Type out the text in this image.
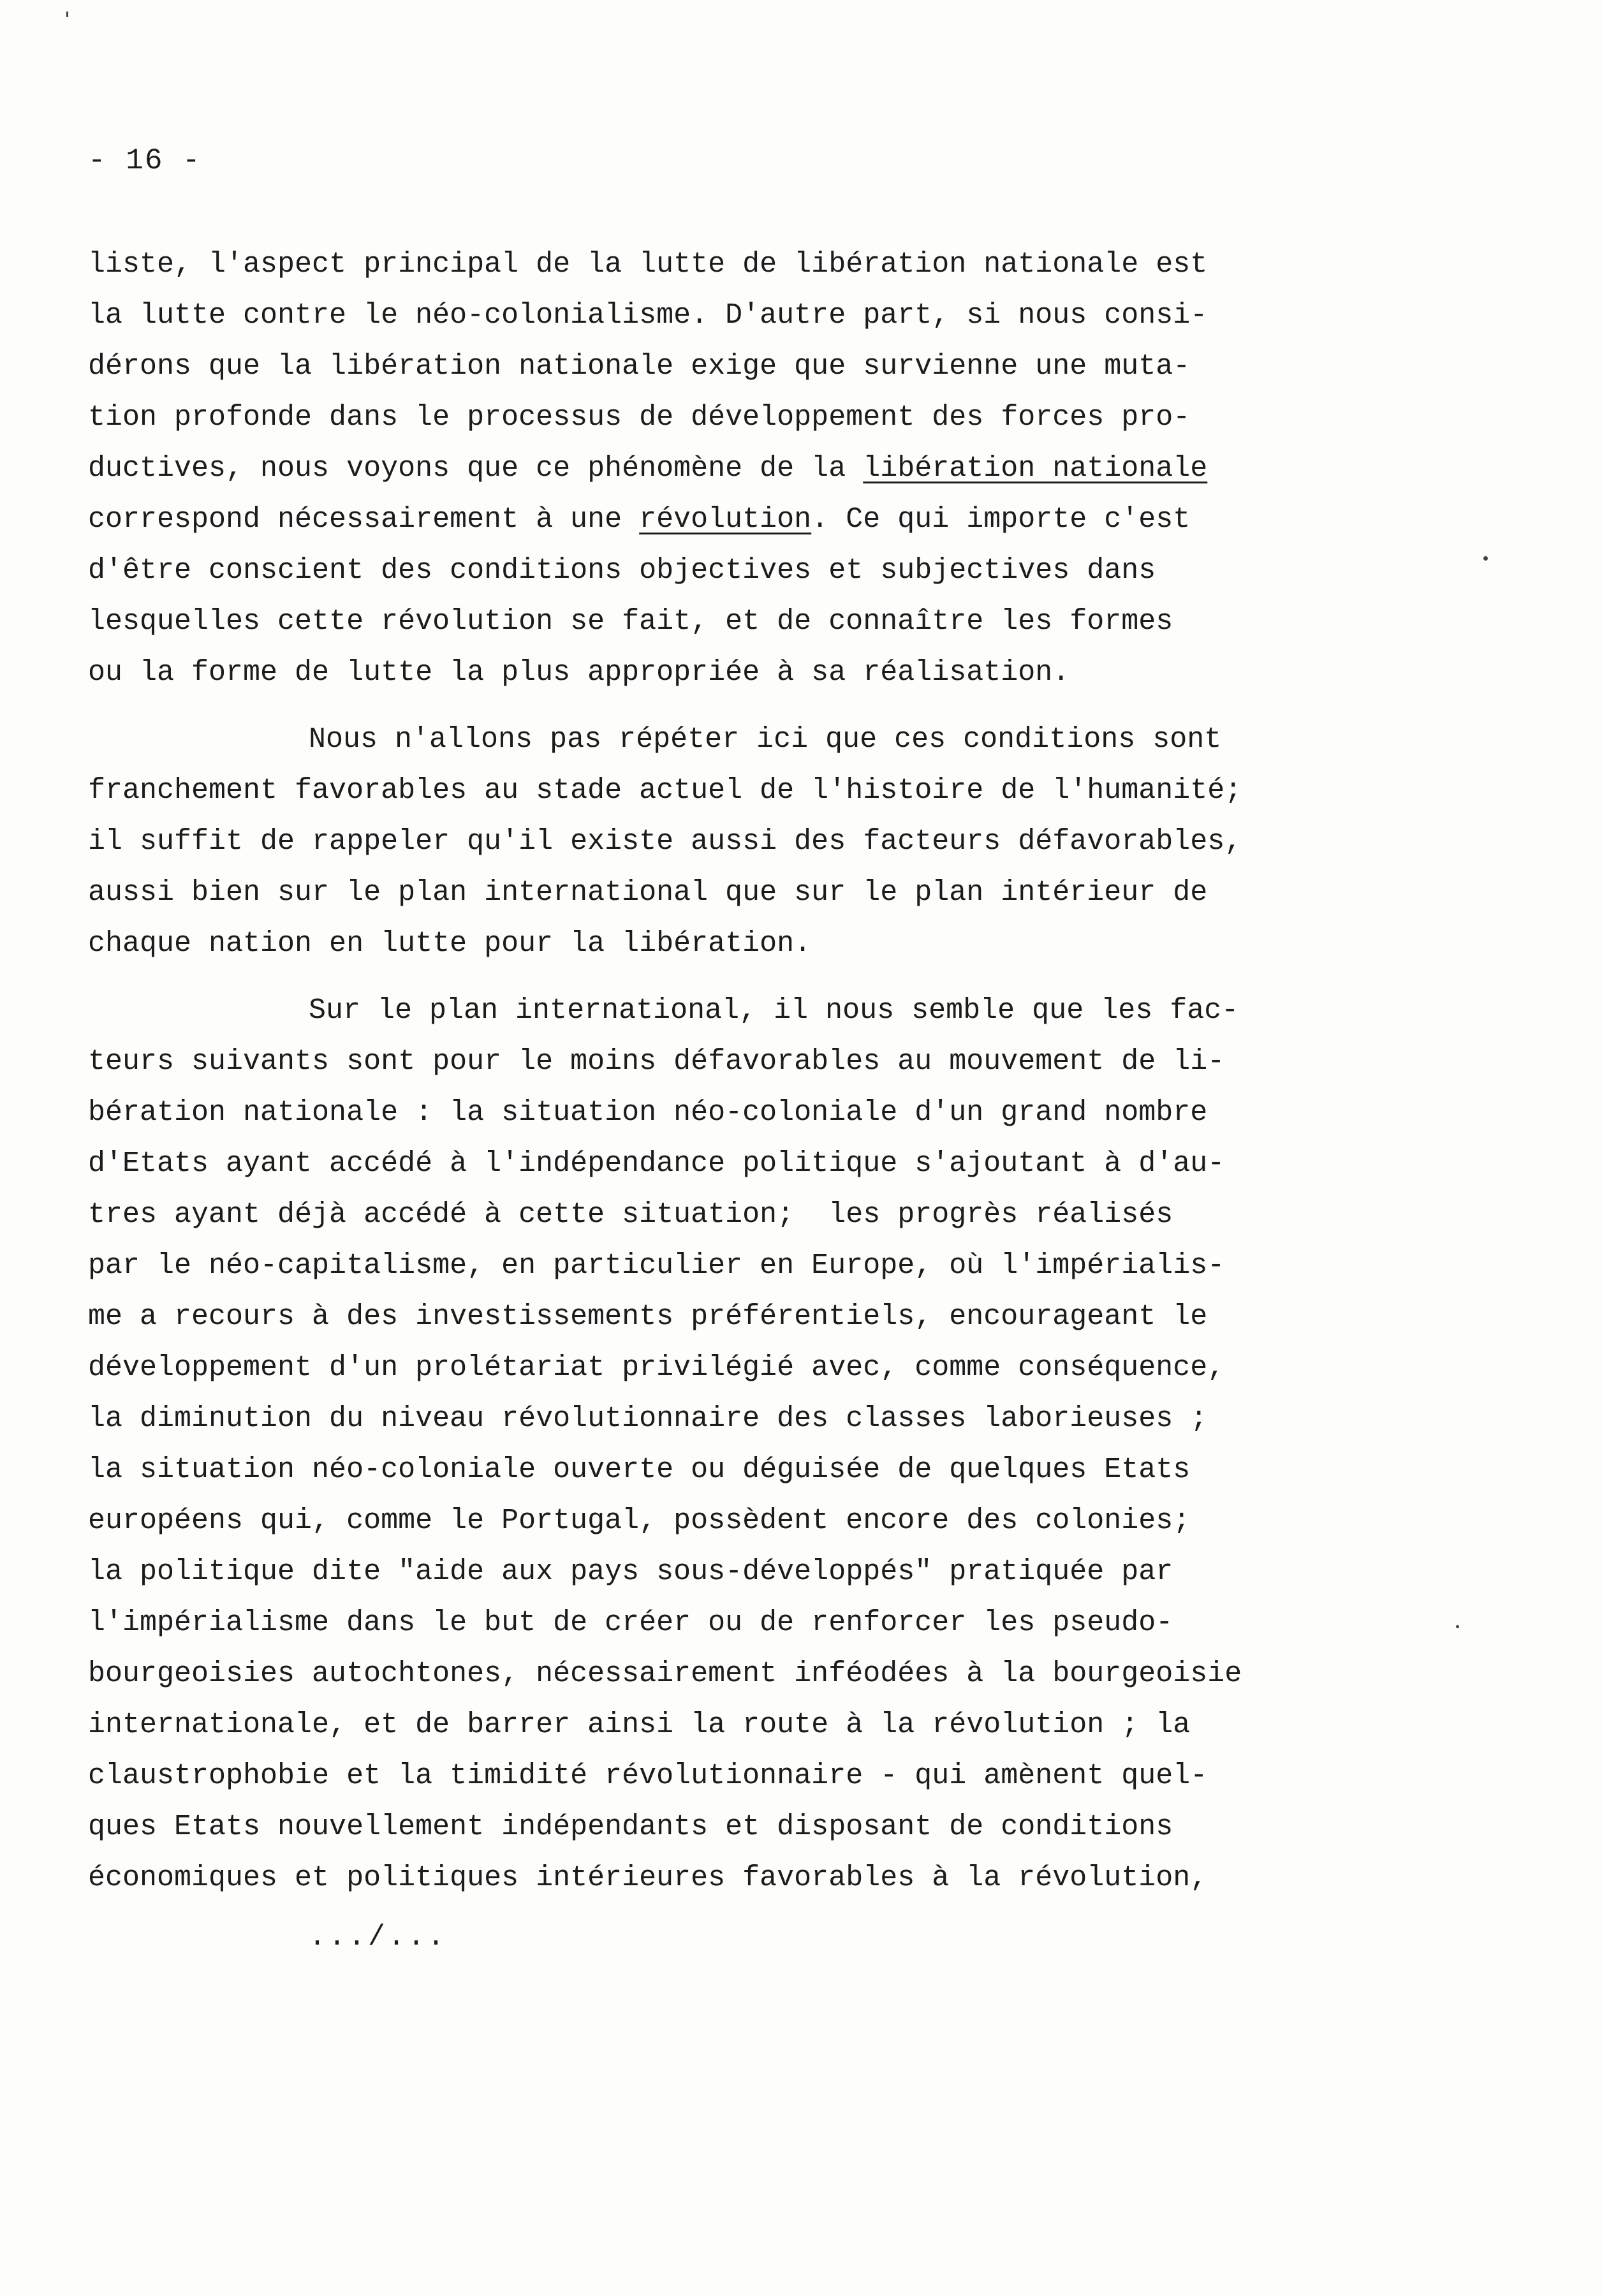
- 16 -
liste, l'aspect principal de la lutte de libération nationale est
la lutte contre le néo-colonialisme. D'autre part, si nous consi-
dérons que la libération nationale exige que survienne une muta-
tion profonde dans le processus de développement des forces pro-
ductives, nous voyons que ce phénomène de la libération nationale
correspond nécessairement à une révolution. Ce qui importe c'est
d'être conscient des conditions objectives et subjectives dans
lesquelles cette révolution se fait, et de connaître les formes
ou la forme de lutte la plus appropriée à sa réalisation.
Nous n'allons pas répéter ici que ces conditions sont
franchement favorables au stade actuel de l'histoire de l'humanité;
il suffit de rappeler qu'il existe aussi des facteurs défavorables,
aussi bien sur le plan international que sur le plan intérieur de
chaque nation en lutte pour la libération.
Sur le plan international, il nous semble que les fac-
teurs suivants sont pour le moins défavorables au mouvement de li-
bération nationale : la situation néo-coloniale d'un grand nombre
d'Etats ayant accédé à l'indépendance politique s'ajoutant à d'au-
tres ayant déjà accédé à cette situation;  les progrès réalisés
par le néo-capitalisme, en particulier en Europe, où l'impérialis-
me a recours à des investissements préférentiels, encourageant le
développement d'un prolétariat privilégié avec, comme conséquence,
la diminution du niveau révolutionnaire des classes laborieuses ;
la situation néo-coloniale ouverte ou déguisée de quelques Etats
européens qui, comme le Portugal, possèdent encore des colonies;
la politique dite "aide aux pays sous-développés" pratiquée par
l'impérialisme dans le but de créer ou de renforcer les pseudo-
bourgeoisies autochtones, nécessairement inféodées à la bourgeoisie
internationale, et de barrer ainsi la route à la révolution ; la
claustrophobie et la timidité révolutionnaire - qui amènent quel-
ques Etats nouvellement indépendants et disposant de conditions
économiques et politiques intérieures favorables à la révolution,
.../...
